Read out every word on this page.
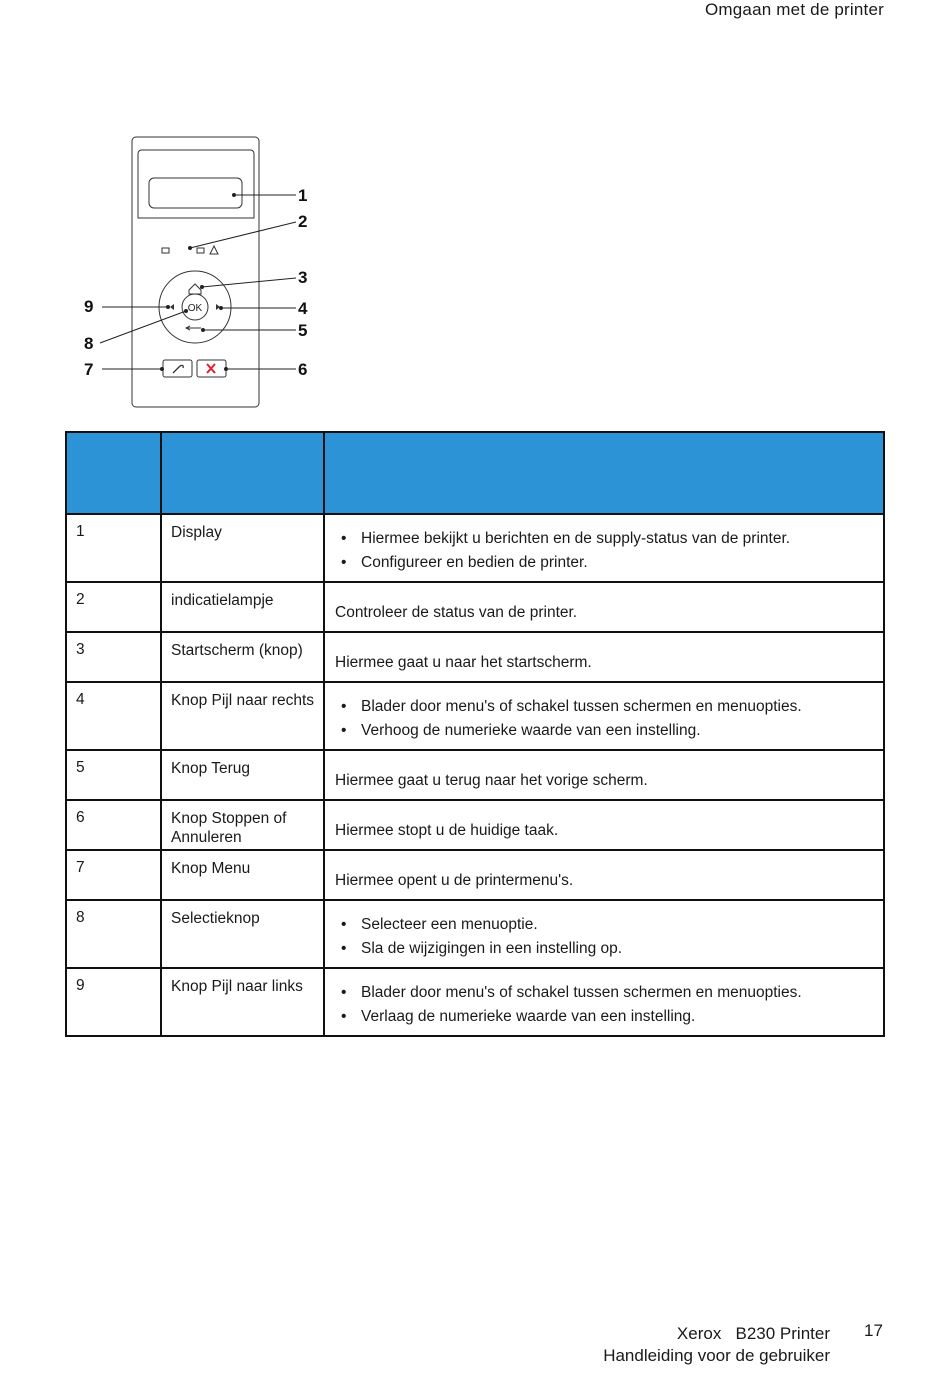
Omgaan met de printer
OK
1
2
3
4
5
6
7
8
9

1	Display	
•Hiermee bekijkt u berichten en de supply-status van de printer.
• Configureer en bedien de printer.

2	indicatielampje	Controleer de status van de printer.
3	Startscherm (knop)	Hiermee gaat u naar het startscherm.
4	Knop Pijl naar rechts	
•Blader door menu's of schakel tussen schermen en menuopties.
• Verhoog de numerieke waarde van een instelling.

5	Knop Terug	Hiermee gaat u terug naar het vorige scherm.
6	Knop Stoppen of Annuleren	Hiermee stopt u de huidige taak.
7	Knop Menu	Hiermee opent u de printermenu's.
8	Selectieknop	
•Selecteer een menuoptie.
• Sla de wijzigingen in een instelling op.

9	Knop Pijl naar links	
•Blader door menu's of schakel tussen schermen en menuopties.
• Verlaag de numerieke waarde van een instelling.
Xerox   B230 Printer
Handleiding voor de gebruiker
17
